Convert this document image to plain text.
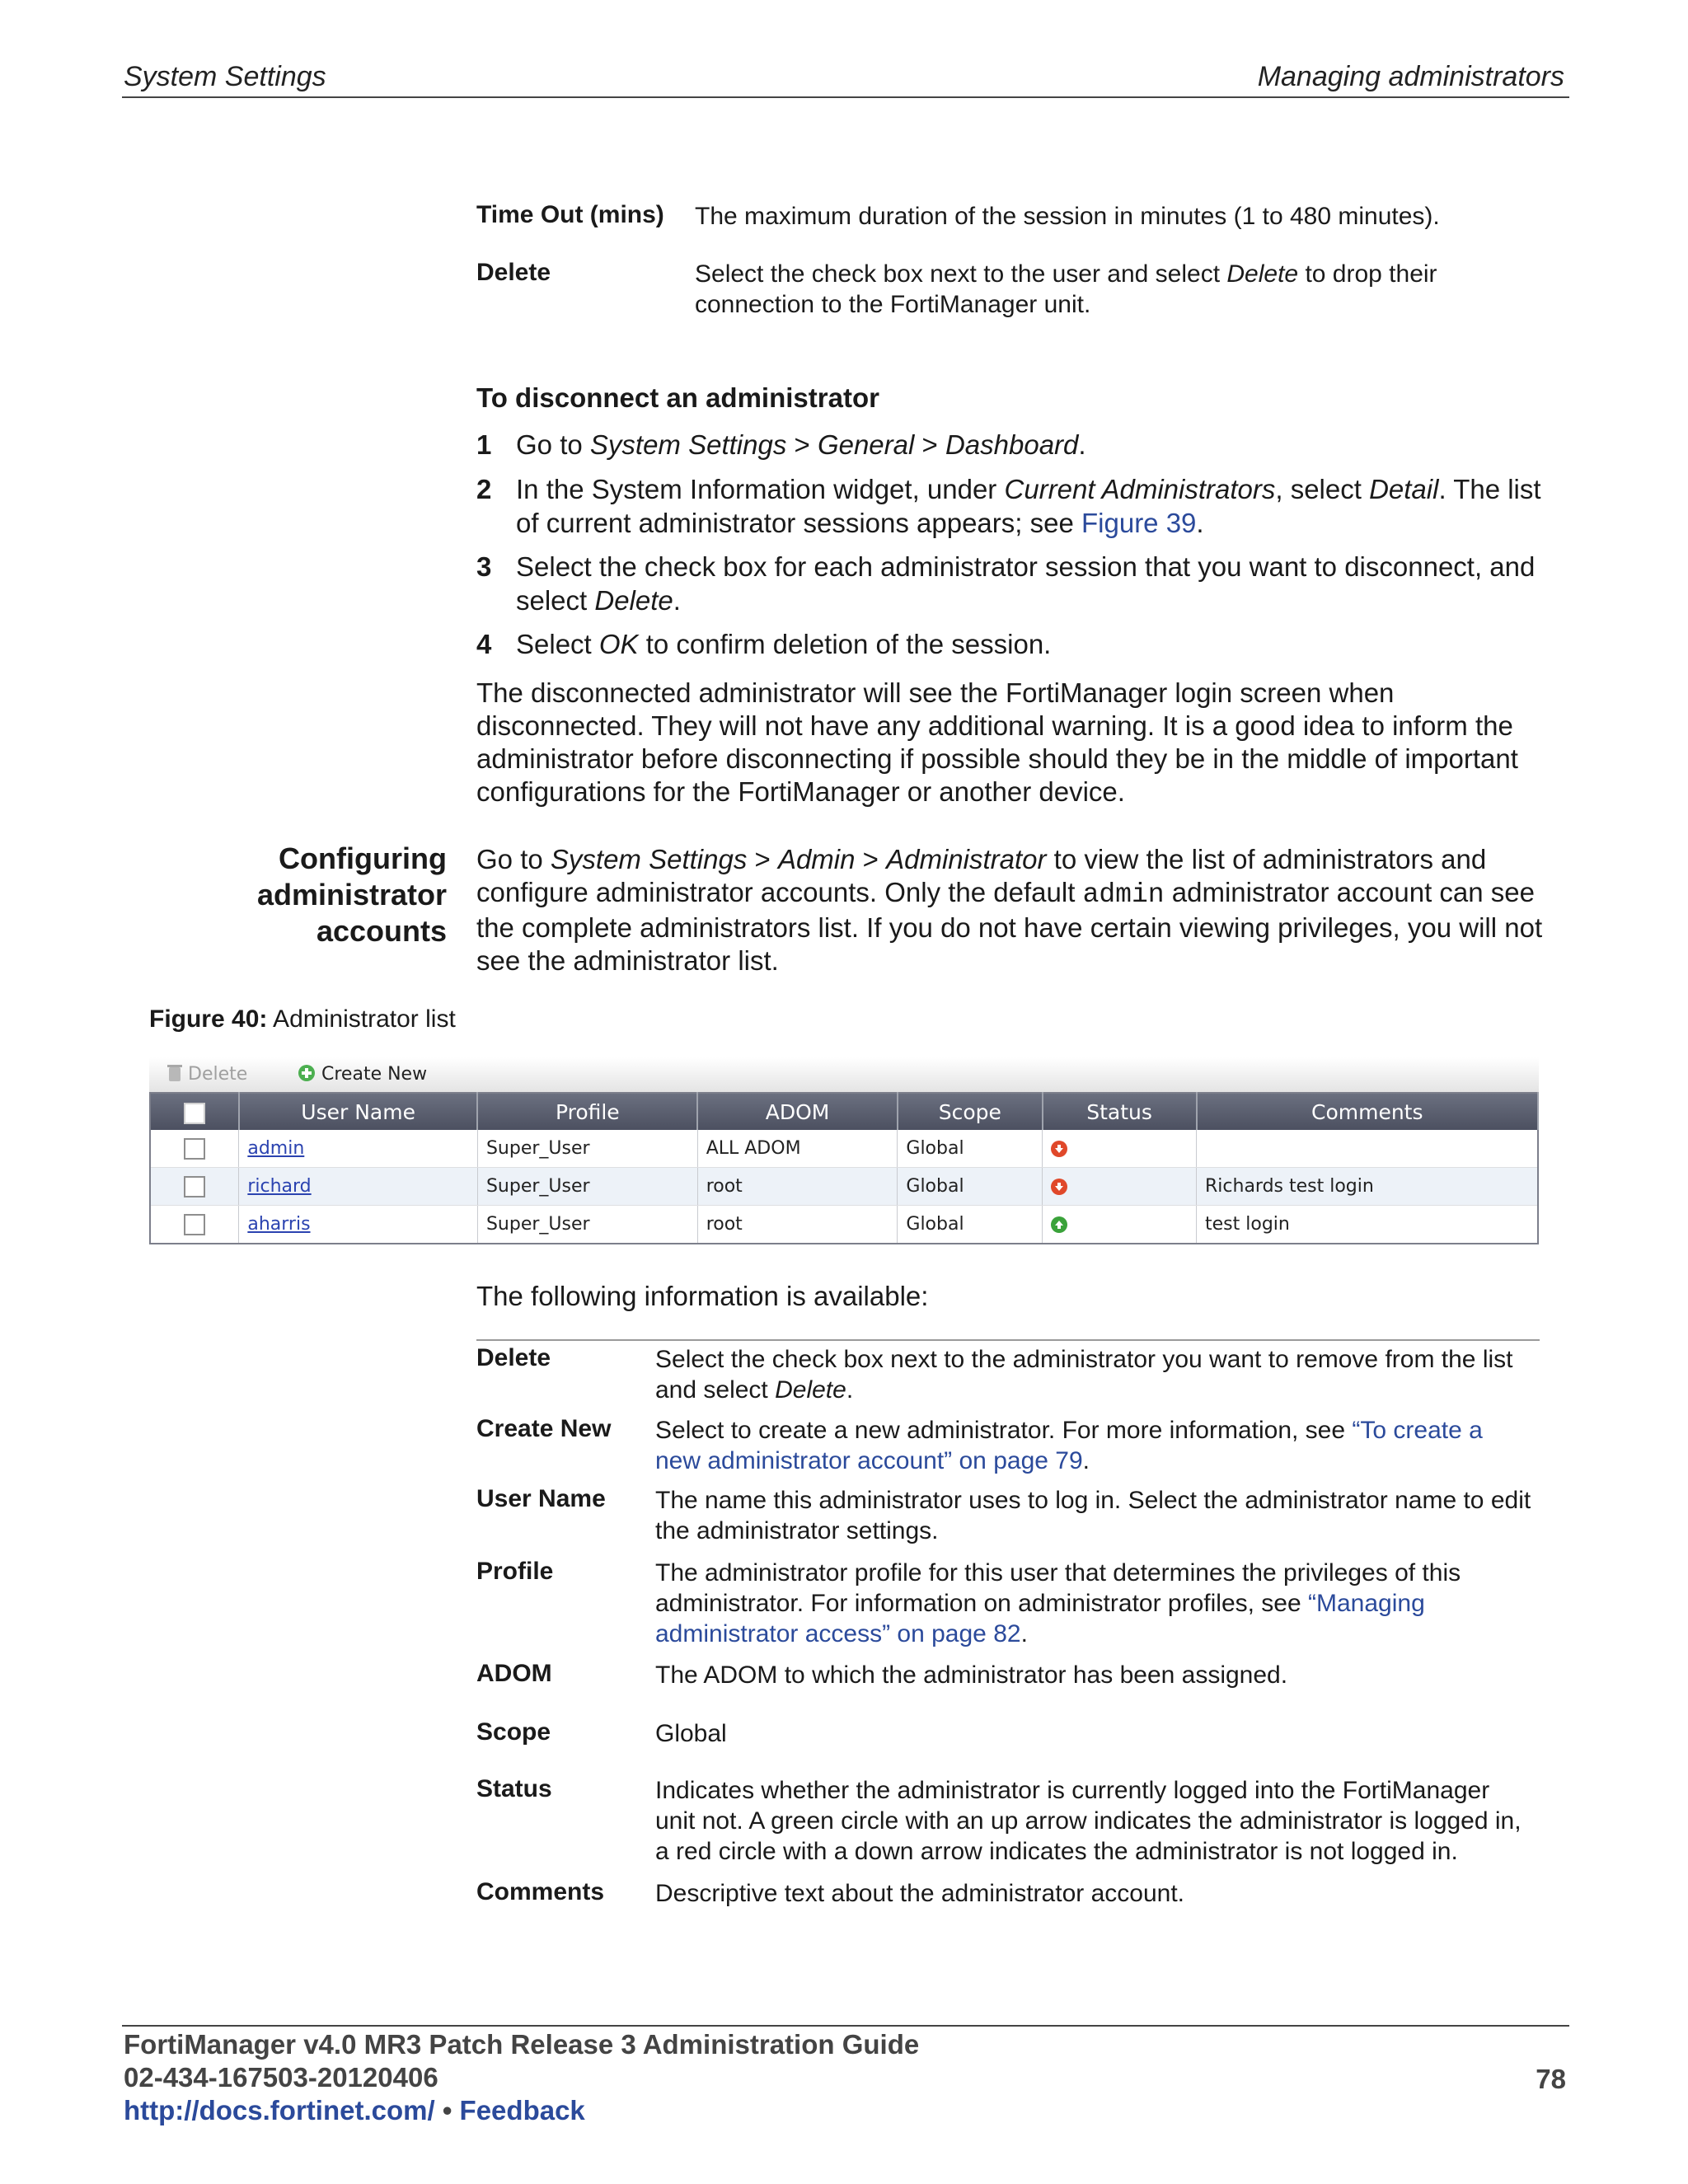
System Settings	Managing administrators
Time Out (mins) The maximum duration of the session in minutes (1 to 480 minutes).
Delete	Select the check box next to the user and select Delete to drop their
connection to the FortiManager unit.
To disconnect an administrator
1 Go to System Settings > General > Dashboard.
2 In the System Information widget, under Current Administrators, select Detail. The list of current administrator sessions appears; see Figure 39.
3 Select the check box for each administrator session that you want to disconnect, and select Delete.
4 Select OK to confirm deletion of the session.
The disconnected administrator will see the FortiManager login screen when disconnected. They will not have any additional warning. It is a good idea to inform the administrator before disconnecting if possible should they be in the middle of important configurations for the FortiManager or another device.
Configuring
administrator
accounts
Go to System Settings > Admin > Administrator to view the list of administrators and configure administrator accounts. Only the default admin administrator account can see the complete administrators list. If you do not have certain viewing privileges, you will not see the administrator list.
Figure 40: Administrator list
Delete	Create New
	User Name	Profile	ADOM	Scope	Status	Comments
	admin	Super_User	ALL ADOM	Global	

	richard	Super_User	root	Global		Richards test login
	aharris	Super_User	root	Global		test login
The following information is available:
Delete	Select the check box next to the administrator you want to remove from the list
and select Delete.
Create New Select to create a new administrator. For more information, see “To create a
new administrator account” on page 79.
User Name The name this administrator uses to log in. Select the administrator name to edit
the administrator settings.
Profile	The administrator profile for this user that determines the privileges of this
administrator. For information on administrator profiles, see “Managing
administrator access” on page 82.
ADOM	The ADOM to which the administrator has been assigned.
Scope	Global
Status	Indicates whether the administrator is currently logged into the FortiManager
unit not. A green circle with an up arrow indicates the administrator is logged in,
a red circle with a down arrow indicates the administrator is not logged in.
Comments Descriptive text about the administrator account.
FortiManager v4.0 MR3 Patch Release 3 Administration Guide
02-434-167503-20120406
http://docs.fortinet.com/ • Feedback
78
